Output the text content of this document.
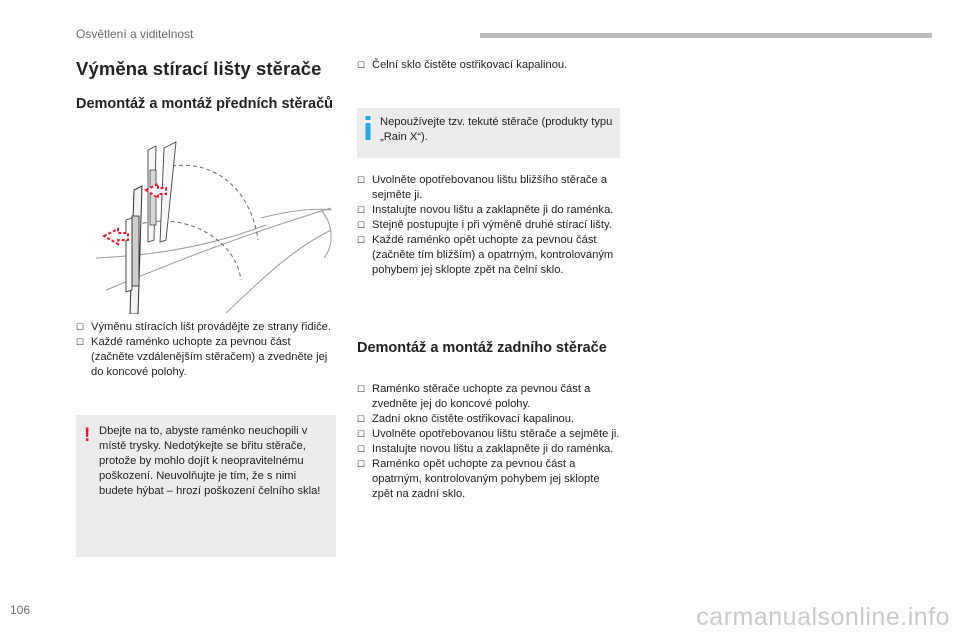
Osvětlení a viditelnost
Výměna stírací lišty stěrače
Demontáž a montáž předních stěračů
☐ Výměnu stíracích lišt provádějte ze strany řidiče.
☐ Každé raménko uchopte za pevnou část (začněte vzdálenějším stěračem) a zvedněte jej do koncové polohy.
! Dbejte na to, abyste raménko neuchopili v místě trysky. Nedotýkejte se břitu stěrače, protože by mohlo dojít k neopravitelnému poškození. Neuvolňujte je tím, že s nimi budete hýbat – hrozí poškození čelního skla!
☐ Čelní sklo čistěte ostřikovací kapalinou.
Nepoužívejte tzv. tekuté stěrače (produkty typu „Rain X“).
☐ Uvolněte opotřebovanou lištu bližšího stěrače a sejměte ji.
☐ Instalujte novou lištu a zaklapněte ji do raménka.
☐ Stejně postupujte i při výměně druhé stírací lišty.
☐ Každé raménko opět uchopte za pevnou část (začněte tím bližším) a opatrným, kontrolovaným pohybem jej sklopte zpět na čelní sklo.
Demontáž a montáž zadního stěrače
☐ Raménko stěrače uchopte za pevnou část a zvedněte jej do koncové polohy.
☐ Zadní okno čistěte ostřikovací kapalinou.
☐ Uvolněte opotřebovanou lištu stěrače a sejměte ji.
☐ Instalujte novou lištu a zaklapněte ji do raménka.
☐ Raménko opět uchopte za pevnou část a opatrným, kontrolovaným pohybem jej sklopte zpět na zadní sklo.
106	carmanualsonline.info
